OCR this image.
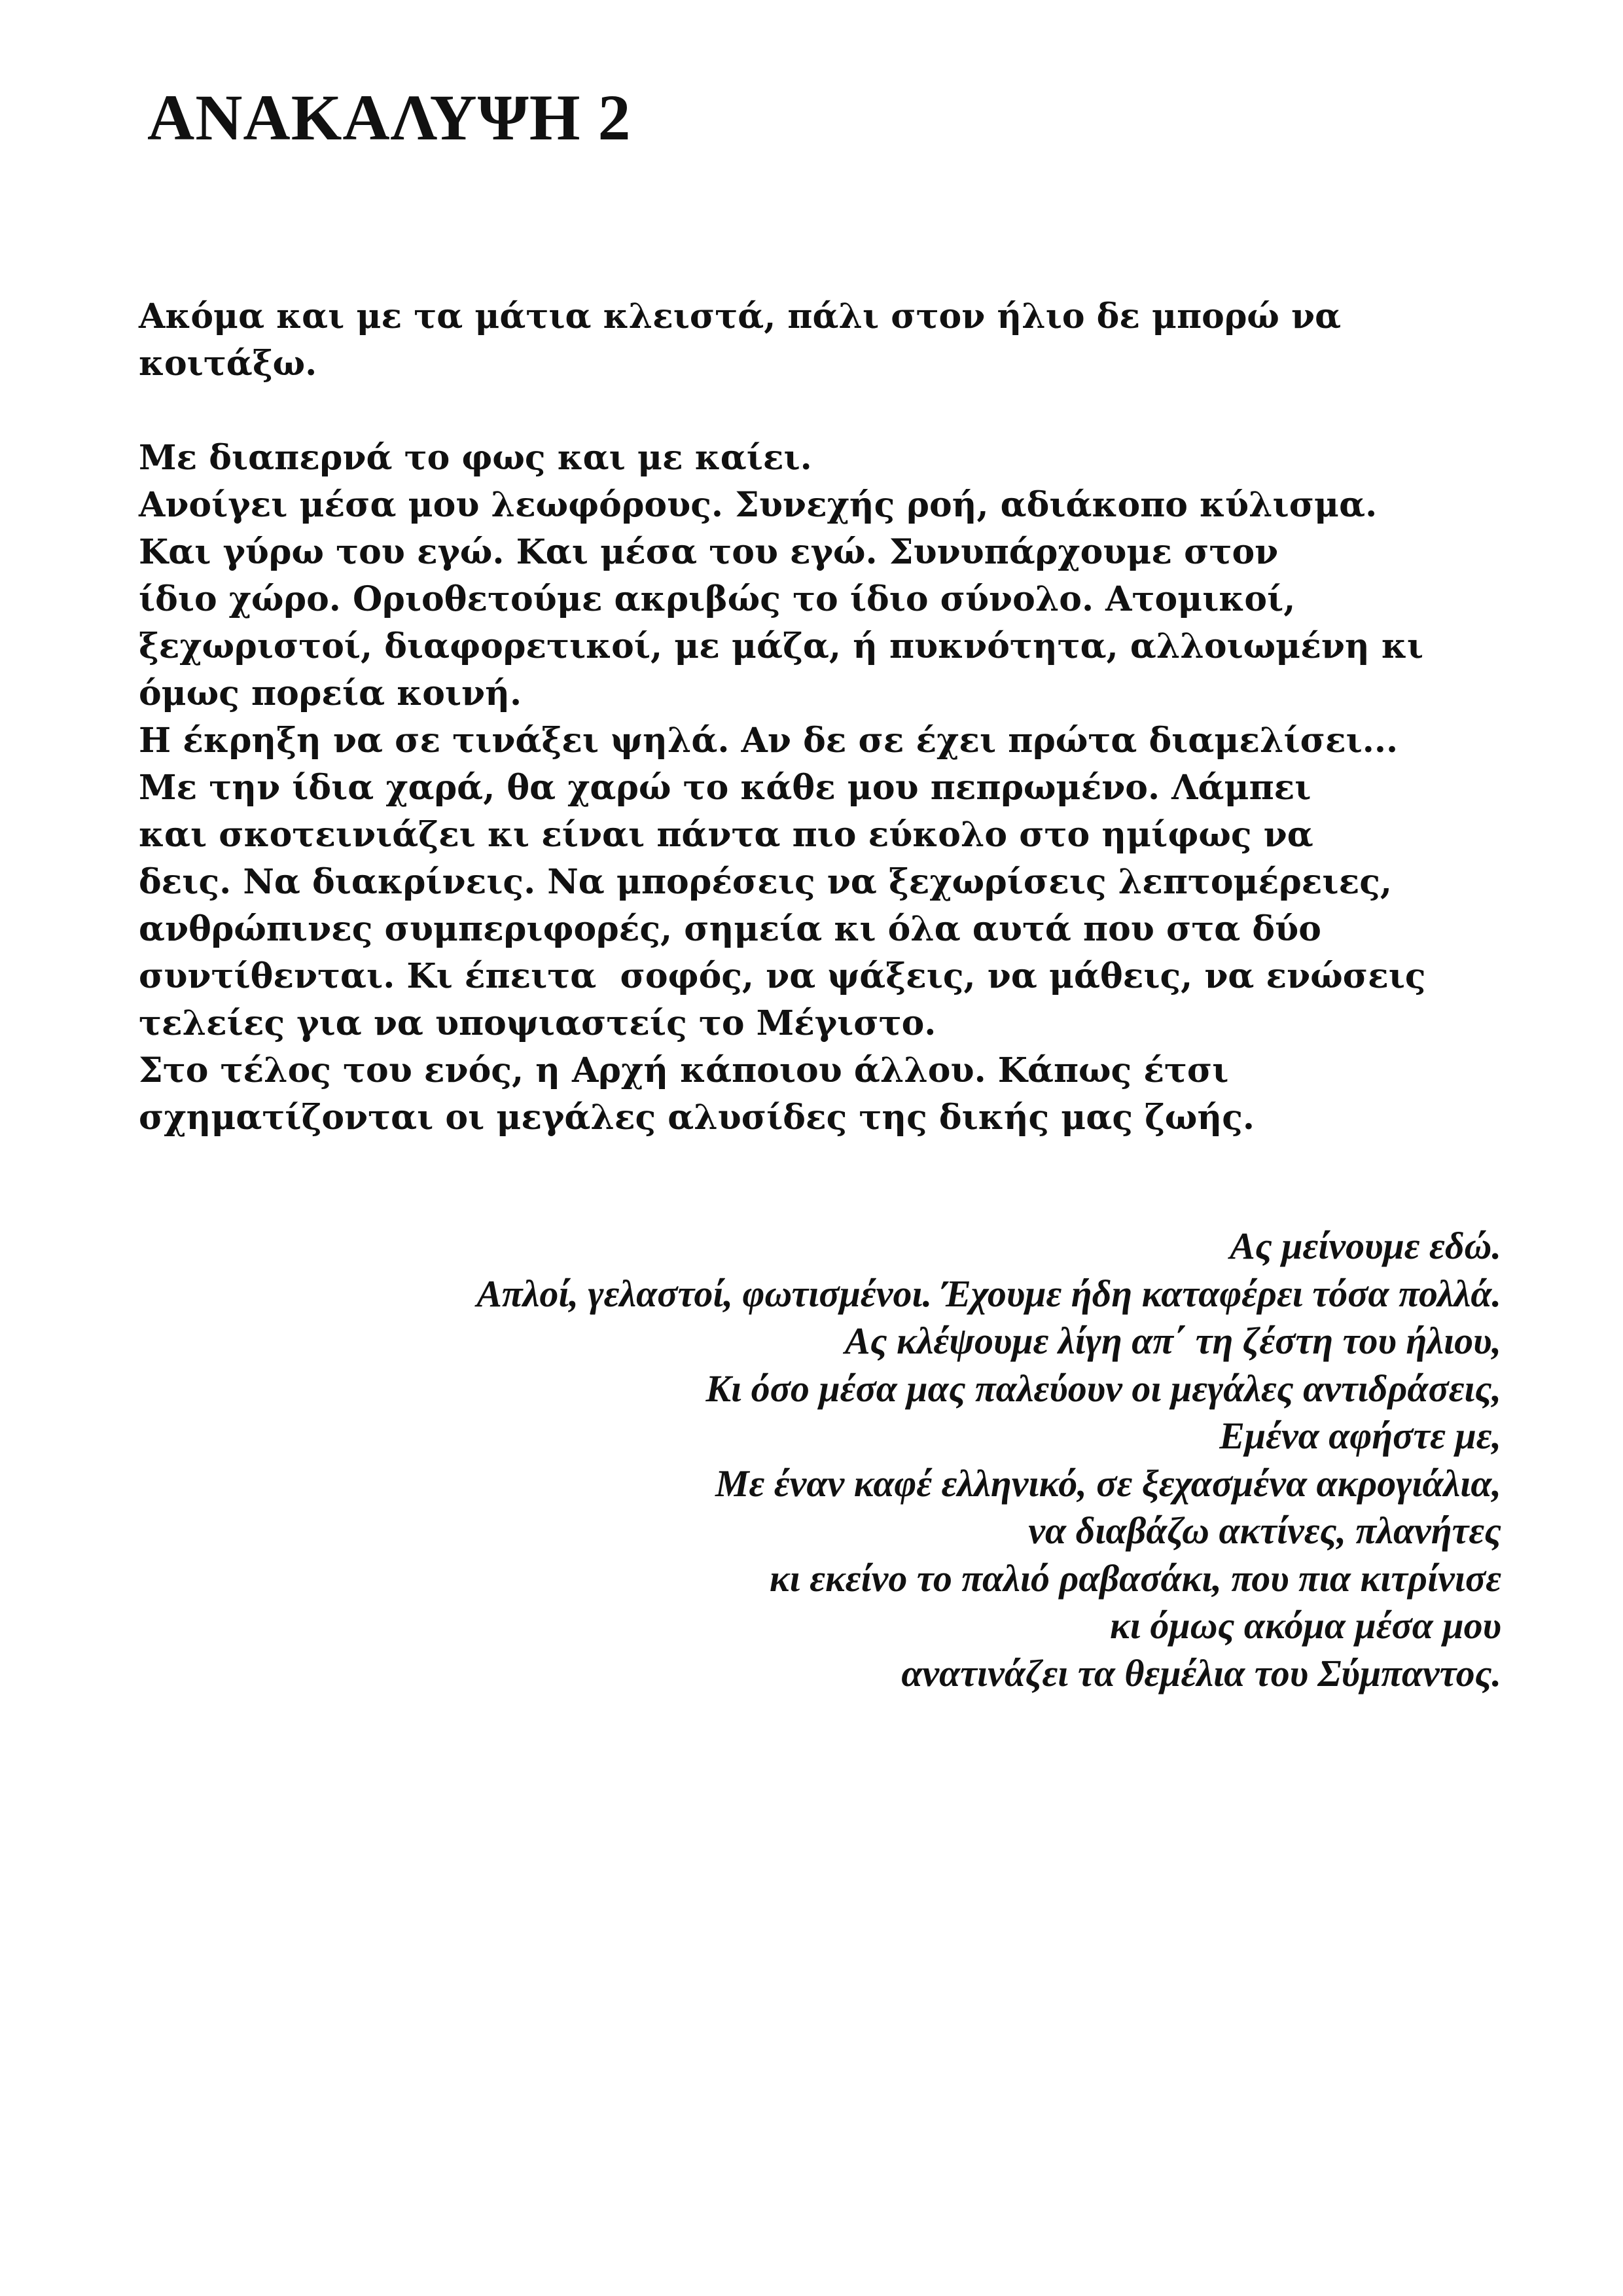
ΑΝΑΚΑΛΥΨΗ 2
Ακόμα και με τα μάτια κλειστά, πάλι στον ήλιο δε μπορώ να
κοιτάξω.
Με διαπερνά το φως και με καίει.
Ανοίγει μέσα μου λεωφόρους. Συνεχής ροή, αδιάκοπο κύλισμα.
Και γύρω του εγώ. Και μέσα του εγώ. Συνυπάρχουμε στον
ίδιο χώρο. Οριοθετούμε ακριβώς το ίδιο σύνολο. Ατομικοί,
ξεχωριστοί, διαφορετικοί, με μάζα, ή πυκνότητα, αλλοιωμένη κι
όμως πορεία κοινή.
Η έκρηξη να σε τινάξει ψηλά. Αν δε σε έχει πρώτα διαμελίσει...
Με την ίδια χαρά, θα χαρώ το κάθε μου πεπρωμένο. Λάμπει
και σκοτεινιάζει κι είναι πάντα πιο εύκολο στο ημίφως να
δεις. Να διακρίνεις. Να μπορέσεις να ξεχωρίσεις λεπτομέρειες,
ανθρώπινες συμπεριφορές, σημεία κι όλα αυτά που στα δύο
συντίθενται. Κι έπειτα  σοφός, να ψάξεις, να μάθεις, να ενώσεις
τελείες για να υποψιαστείς το Μέγιστο.
Στο τέλος του ενός, η Αρχή κάποιου άλλου. Κάπως έτσι
σχηματίζονται οι μεγάλες αλυσίδες της δικής μας ζωής.
Ας μείνουμε εδώ.
Απλοί, γελαστοί, φωτισμένοι. Έχουμε ήδη καταφέρει τόσα πολλά.
Ας κλέψουμε λίγη απ΄ τη ζέστη του ήλιου,
Κι όσο μέσα μας παλεύουν οι μεγάλες αντιδράσεις,
Εμένα αφήστε με,
Με έναν καφέ ελληνικό, σε ξεχασμένα ακρογιάλια,
να διαβάζω ακτίνες, πλανήτες
κι εκείνο το παλιό ραβασάκι, που πια κιτρίνισε
κι όμως ακόμα μέσα μου
ανατινάζει τα θεμέλια του Σύμπαντος.
